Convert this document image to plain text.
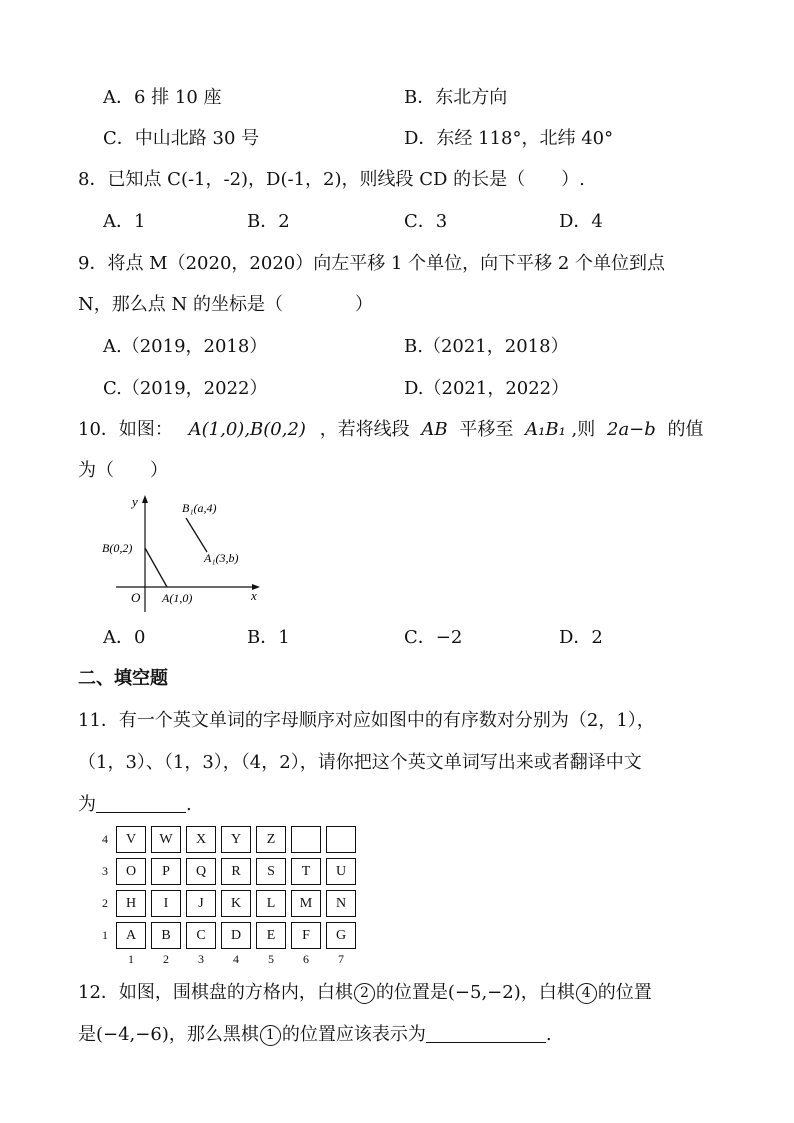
A．6 排 10 座	B．东北方向
C．中山北路 30 号	D．东经 118°，北纬 40°
8．已知点 C(-1，-2)，D(-1，2)，则线段 CD 的长是（　　）.
A．1	B．2	C．3	D．4
9．将点 M（2020，2020）向左平移 1 个单位，向下平移 2 个单位到点
N，那么点 N 的坐标是（　　　　）
A.（2019，2018）	B.（2021，2018）
C.（2019，2022）	D.（2021，2022）
10．如图： A(1,0),B(0,2) ，若将线段 AB 平移至 A₁B₁ ,则 2a−b 的值
为（　　）
y
x
O
B(0,2)
A(1,0)
B₁(a,4)
A₁(3,b)
A．0	B．1	C．−2	D．2
二、填空题
11．有一个英文单词的字母顺序对应如图中的有序数对分别为（2，1），
（1，3）、（1，3），（4，2），请你把这个英文单词写出来或者翻译中文
为	.
4	V	W	X	Y	Z
3	O	P	Q	R	S	T	U
2	H	I	J	K	L	M	N
1	A	B	C	D	E	F	G
1	2	3	4	5	6	7
12．如图，围棋盘的方格内，白棋 2 的位置是(−5,−2)，白棋 4 的位置
是(−4,−6)，那么黑棋 1 的位置应该表示为	.
